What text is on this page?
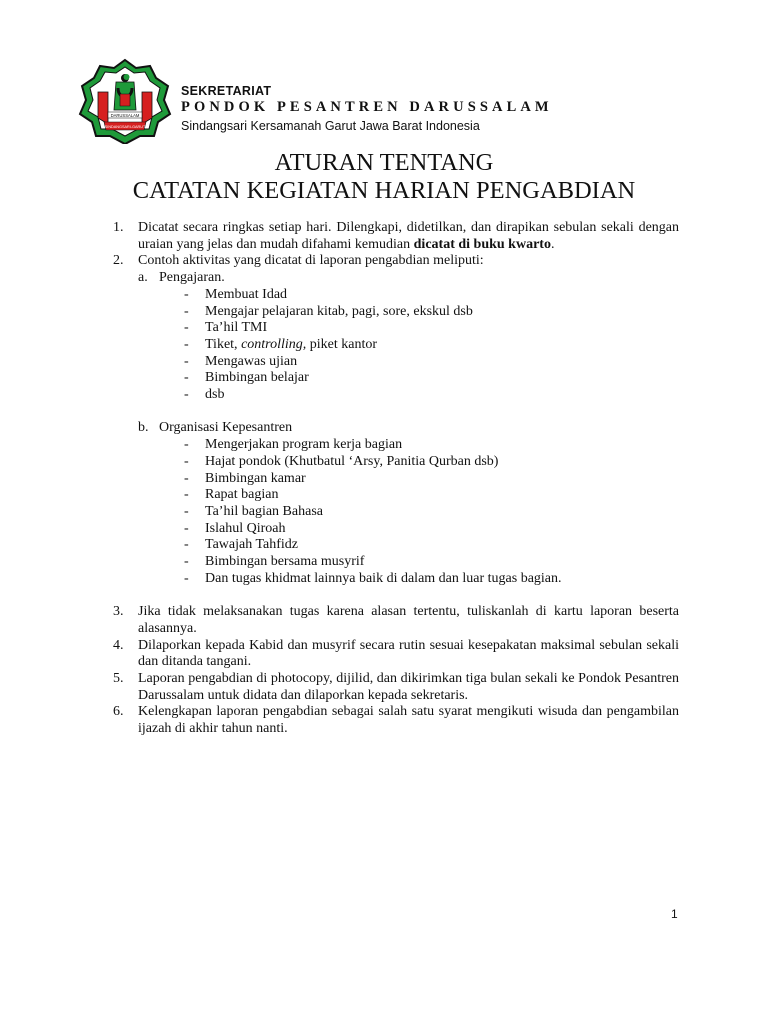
DARUSSALAM
SINDANGSARI-GARUT
SEKRETARIAT
PONDOK PESANTREN DARUSSALAM
Sindangsari Kersamanah Garut Jawa Barat Indonesia
ATURAN TENTANG
CATATAN KEGIATAN HARIAN PENGABDIAN
1. Dicatat secara ringkas setiap hari. Dilengkapi, didetilkan, dan dirapikan sebulan sekali dengan uraian yang jelas dan mudah difahami kemudian dicatat di buku kwarto.
2. Contoh aktivitas yang dicatat di laporan pengabdian meliputi:
a. Pengajaran.
- Membuat Idad
- Mengajar pelajaran kitab, pagi, sore, ekskul dsb
- Ta’hil TMI
- Tiket, controlling, piket kantor
- Mengawas ujian
- Bimbingan belajar
- dsb
b. Organisasi Kepesantren
- Mengerjakan program kerja bagian
- Hajat pondok (Khutbatul ‘Arsy, Panitia Qurban dsb)
- Bimbingan kamar
- Rapat bagian
- Ta’hil bagian Bahasa
- Islahul Qiroah
- Tawajah Tahfidz
- Bimbingan bersama musyrif
- Dan tugas khidmat lainnya baik di dalam dan luar tugas bagian.
3. Jika tidak melaksanakan tugas karena alasan tertentu, tuliskanlah di kartu laporan beserta alasannya.
4. Dilaporkan kepada Kabid dan musyrif secara rutin sesuai kesepakatan maksimal sebulan sekali dan ditanda tangani.
5. Laporan pengabdian di photocopy, dijilid, dan dikirimkan tiga bulan sekali ke Pondok Pesantren Darussalam untuk didata dan dilaporkan kepada sekretaris.
6. Kelengkapan laporan pengabdian sebagai salah satu syarat mengikuti wisuda dan pengambilan ijazah di akhir tahun nanti.
1
